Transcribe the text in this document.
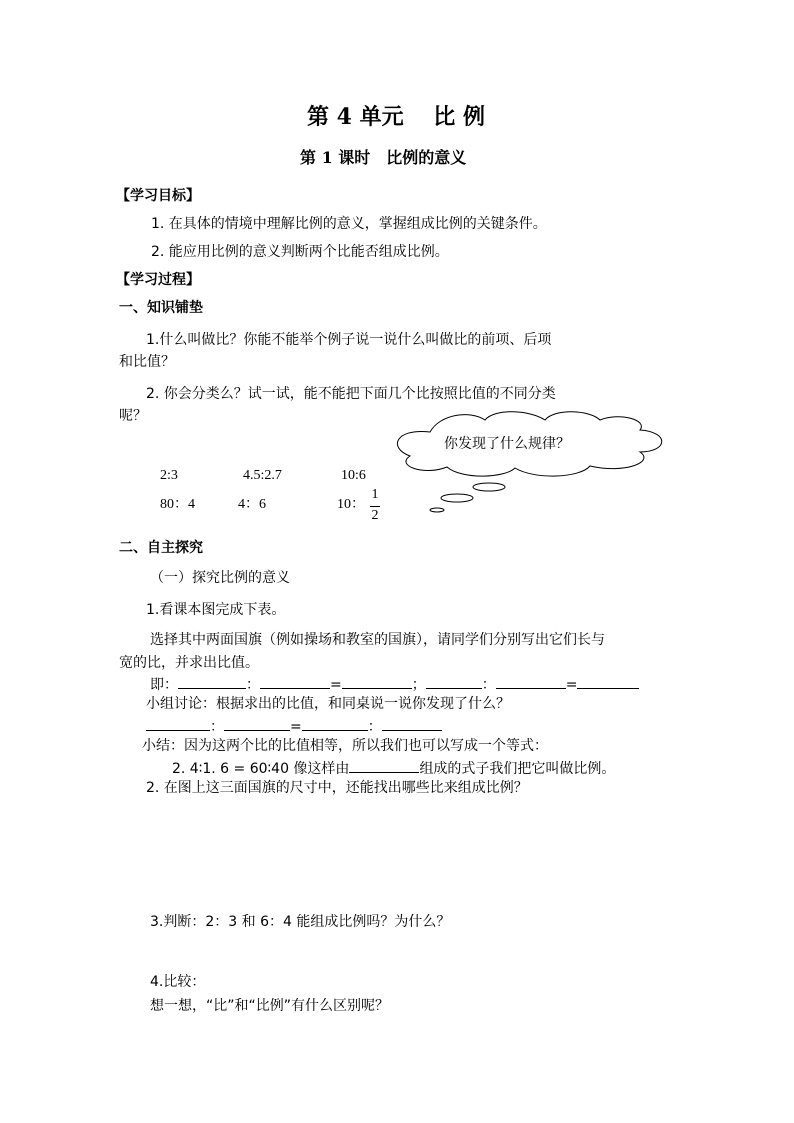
第 4 单元　 比 例
第 1 课时　比例的意义
【学习目标】
1. 在具体的情境中理解比例的意义，掌握组成比例的关键条件。
2. 能应用比例的意义判断两个比能否组成比例。
【学习过程】
一、知识铺垫
1.什么叫做比？你能不能举个例子说一说什么叫做比的前项、后项
和比值？
2. 你会分类么？试一试，能不能把下面几个比按照比值的不同分类
呢？
你发现了什么规律？
2:3	4.5:2.7	10:6
80：4	4：6	10：
1
2
二、自主探究
（一）探究比例的意义
1.看课本图完成下表。
选择其中两面国旗（例如操场和教室的国旗），请同学们分别写出它们长与
宽的比，并求出比值。
即：	：	=	；	：	=
小组讨论：根据求出的比值，和同桌说一说你发现了什么？
：	=	：
小结：因为这两个比的比值相等，所以我们也可以写成一个等式：
2. 4∶1. 6 = 60∶40 像这样由	组成的式子我们把它叫做比例。
2. 在图上这三面国旗的尺寸中，还能找出哪些比来组成比例？
3.判断：2：3 和 6：4 能组成比例吗？为什么？
4.比较：
想一想，“比”和“比例”有什么区别呢？
